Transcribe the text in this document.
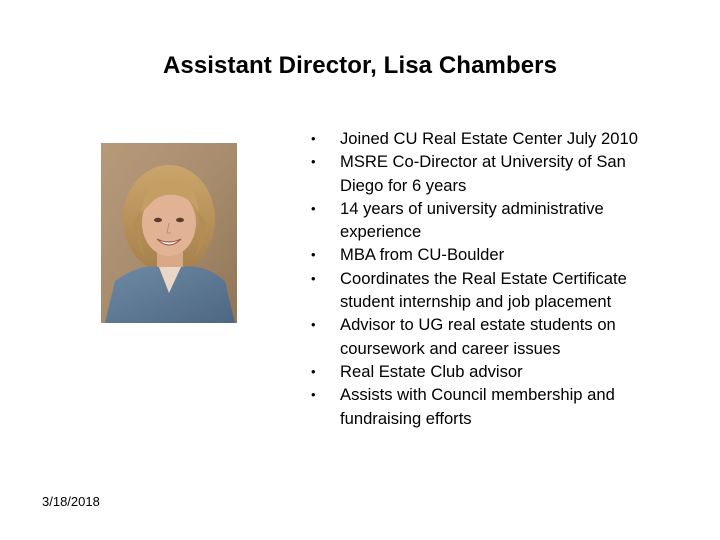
Assistant Director, Lisa Chambers
• Joined CU Real Estate Center July 2010
• MSRE Co-Director at University of San Diego for 6 years
• 14 years of university administrative experience
• MBA from CU-Boulder
• Coordinates the Real Estate Certificate student internship and job placement
• Advisor to UG real estate students on coursework and career issues
• Real Estate Club advisor
• Assists with Council membership and fundraising efforts
3/18/2018
